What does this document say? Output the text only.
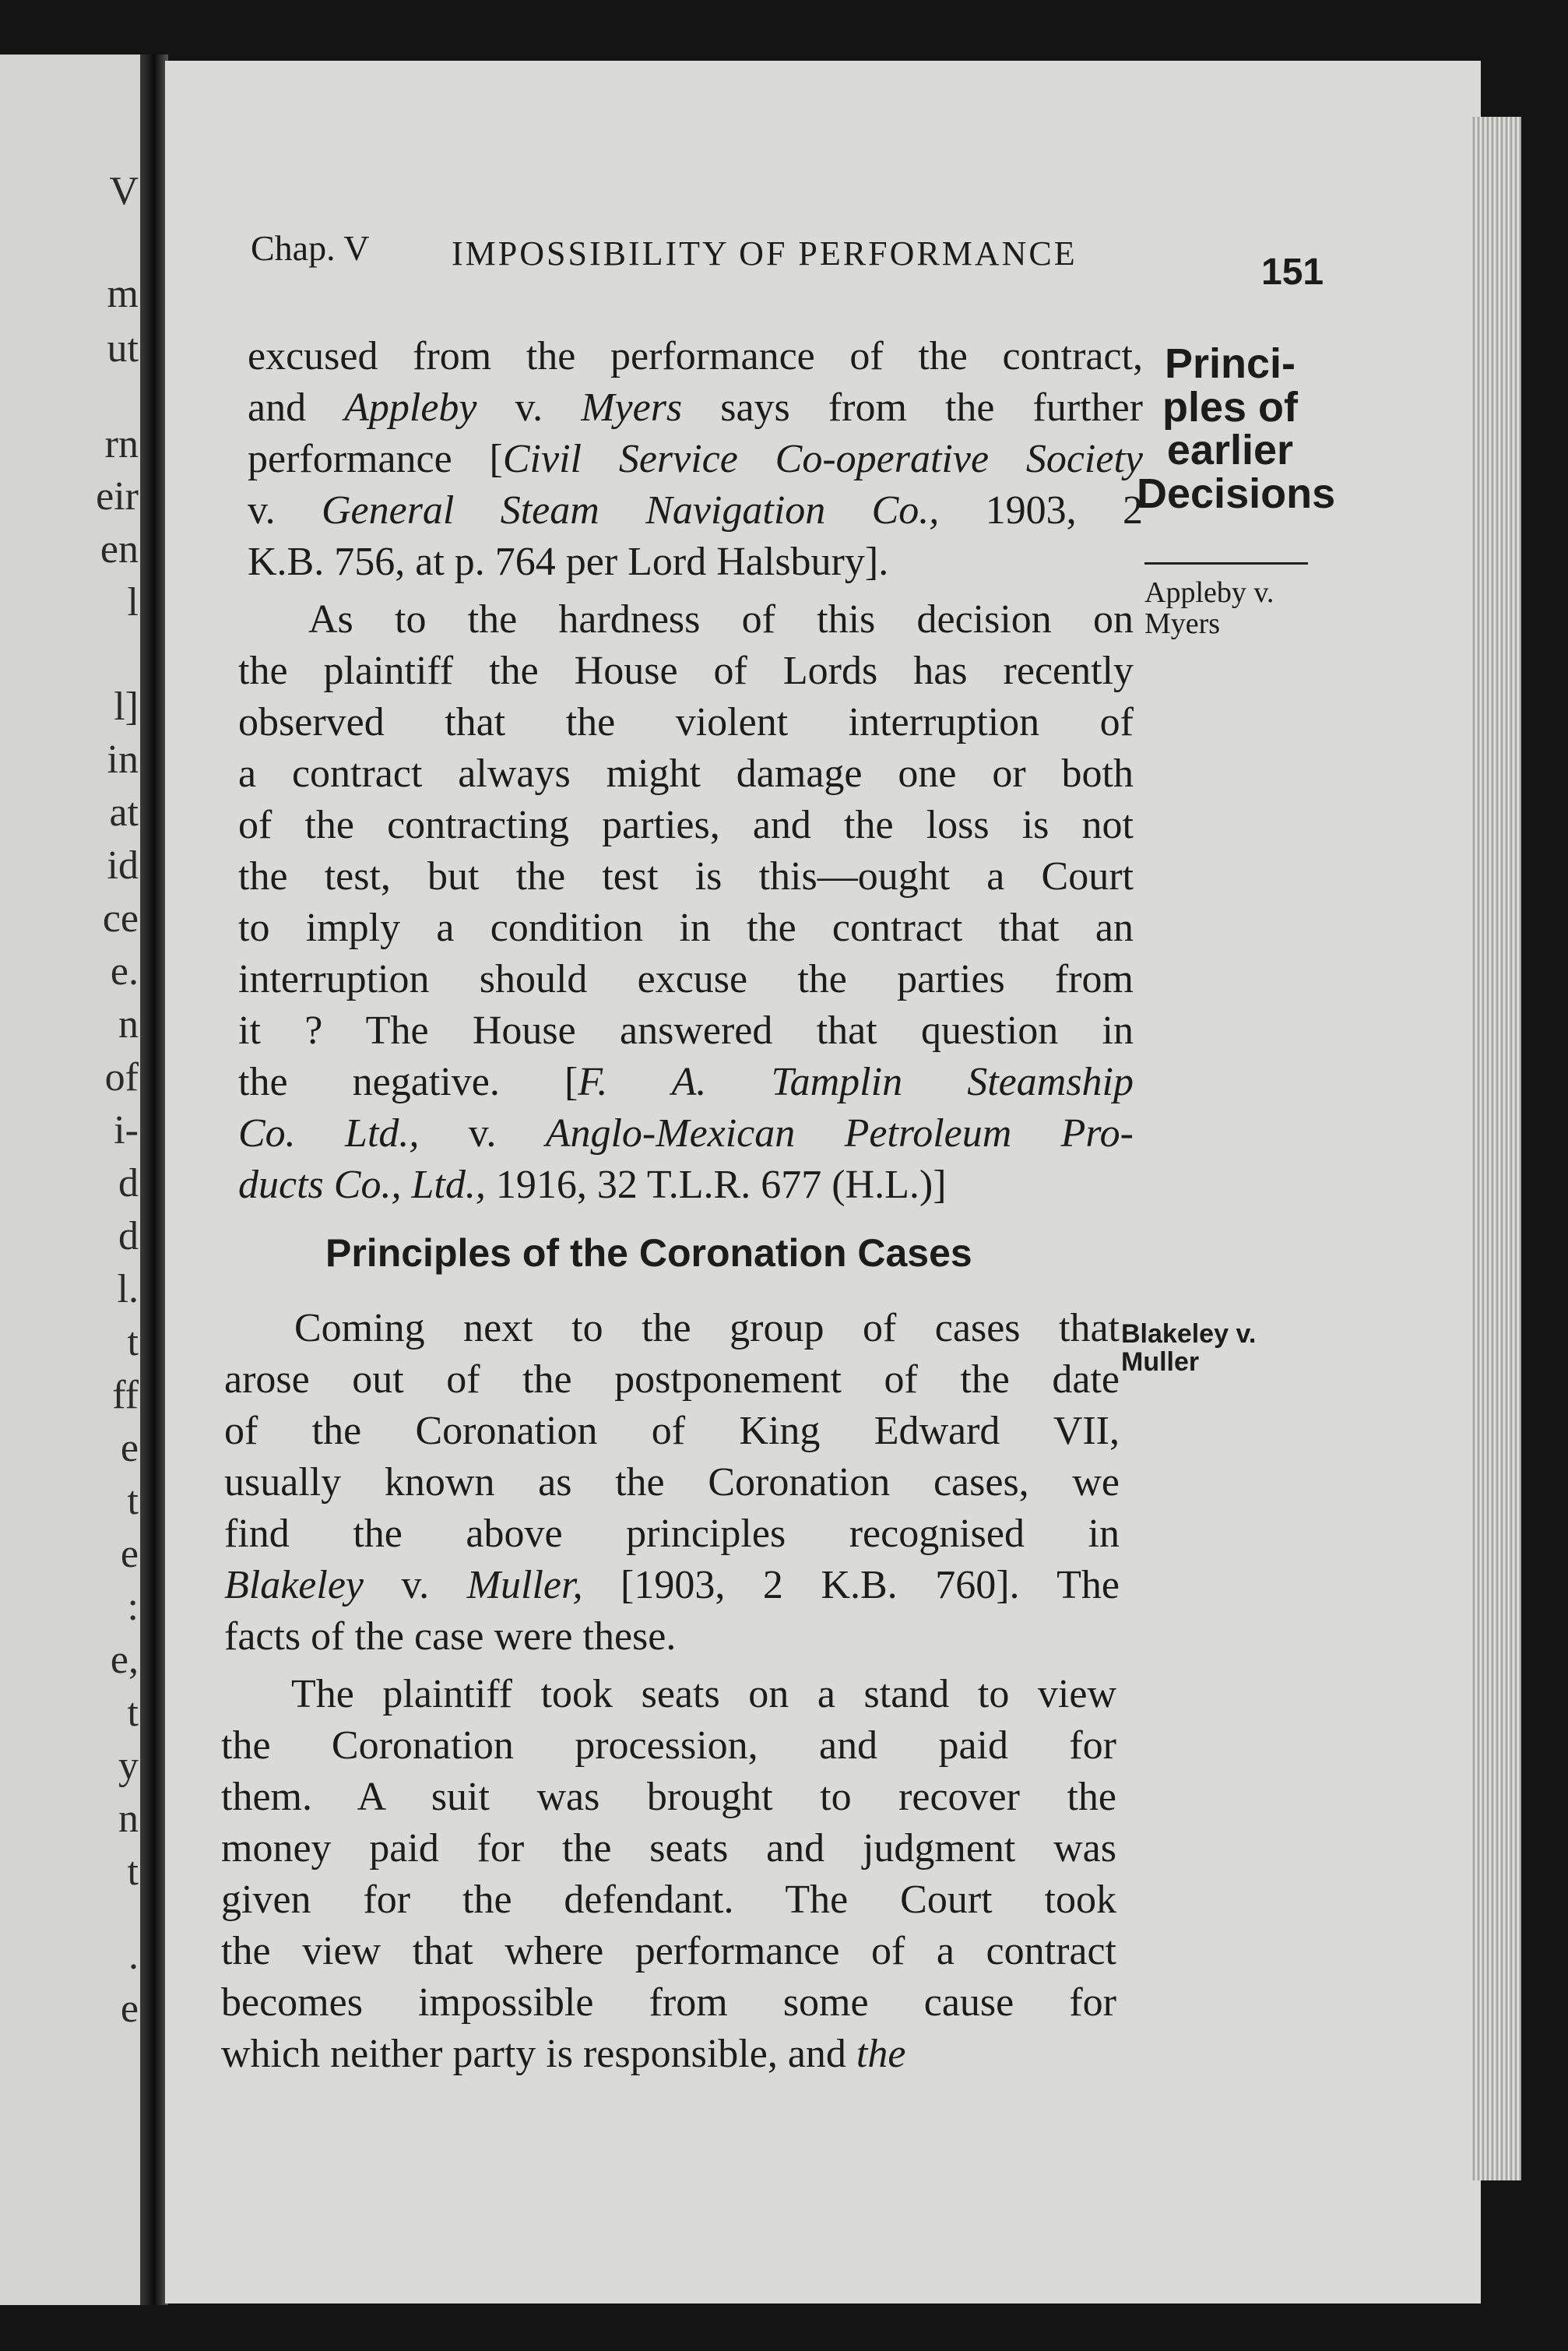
V
m
ut
rn
eir
en
l
l]
in
at
id
ce
e.
n
of
i-
d
d
l.
t
ff
e
t
e
:
e,
t
y
n
t
.
e
Chap. V IMPOSSIBILITY OF PERFORMANCE	151
Princi-
ples of
earlier
Decisions
Appleby v.
Myers
Blakeley v.
Muller
excused from the performance of the contract,
and Appleby v. Myers says from the further
performance [Civil Service Co-operative Society
v. General Steam Navigation Co., 1903, 2
K.B. 756, at p. 764 per Lord Halsbury].
As to the hardness of this decision on
the plaintiff the House of Lords has recently
observed that the violent interruption of
a contract always might damage one or both
of the contracting parties, and the loss is not
the test, but the test is this—ought a Court
to imply a condition in the contract that an
interruption should excuse the parties from
it ? The House answered that question in
the negative. [F. A. Tamplin Steamship
Co. Ltd., v. Anglo-Mexican Petroleum Pro-
ducts Co., Ltd., 1916, 32 T.L.R. 677 (H.L.)]
Coming next to the group of cases that
arose out of the postponement of the date
of the Coronation of King Edward VII,
usually known as the Coronation cases, we
find the above principles recognised in
Blakeley v. Muller, [1903, 2 K.B. 760]. The
facts of the case were these.
The plaintiff took seats on a stand to view
the Coronation procession, and paid for
them. A suit was brought to recover the
money paid for the seats and judgment was
given for the defendant. The Court took
the view that where performance of a contract
becomes impossible from some cause for
which neither party is responsible, and the
Principles of the Coronation Cases
